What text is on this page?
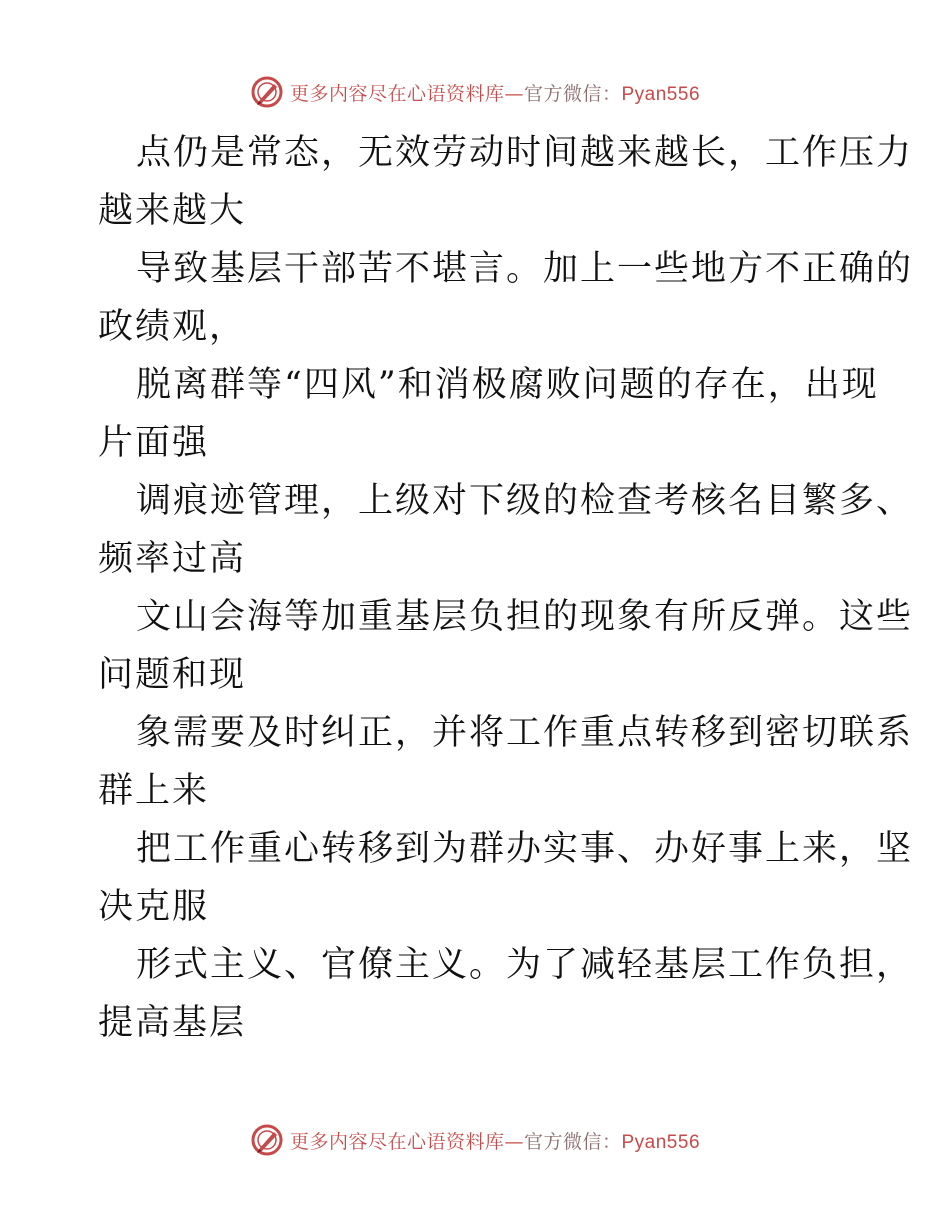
更多内容尽在心语资料库—官方微信：Pyan556

点仍是常态，无效劳动时间越来越长，工作压力
越来越大

导致基层干部苦不堪言。加上一些地方不正确的
政绩观，

脱离群等“四风”和消极腐败问题的存在，出现
片面强

调痕迹管理，上级对下级的检查考核名目繁多、
频率过高

文山会海等加重基层负担的现象有所反弹。这些
问题和现

象需要及时纠正，并将工作重点转移到密切联系
群上来

把工作重心转移到为群办实事、办好事上来，坚
决克服

形式主义、官僚主义。为了减轻基层工作负担，
提高基层

更多内容尽在心语资料库—官方微信：Pyan556
